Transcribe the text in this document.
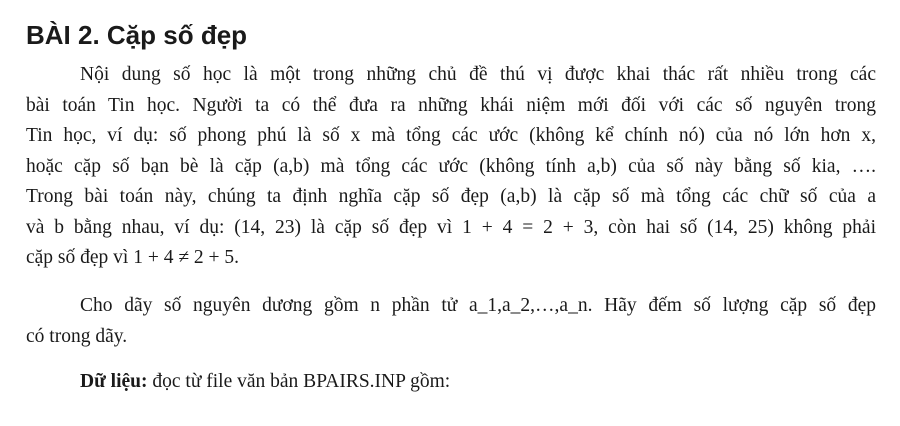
BÀI 2. Cặp số đẹp

Nội dung số học là một trong những chủ đề thú vị được khai thác rất nhiều trong các
bài toán Tin học. Người ta có thể đưa ra những khái niệm mới đối với các số nguyên trong
Tin học, ví dụ: số phong phú là số x mà tổng các ước (không kể chính nó) của nó lớn hơn x,
hoặc cặp số bạn bè là cặp (a,b) mà tổng các ước (không tính a,b) của số này bằng số kia, ….
Trong bài toán này, chúng ta định nghĩa cặp số đẹp (a,b) là cặp số mà tổng các chữ số của a
và b bằng nhau, ví dụ: (14, 23) là cặp số đẹp vì 1 + 4 = 2 + 3, còn hai số (14, 25) không phải
cặp số đẹp vì 1 + 4 ≠ 2 + 5.

Cho dãy số nguyên dương gồm n phần tử a_1,a_2,…,a_n. Hãy đếm số lượng cặp số đẹp
có trong dãy.

Dữ liệu: đọc từ file văn bản BPAIRS.INP gồm:
